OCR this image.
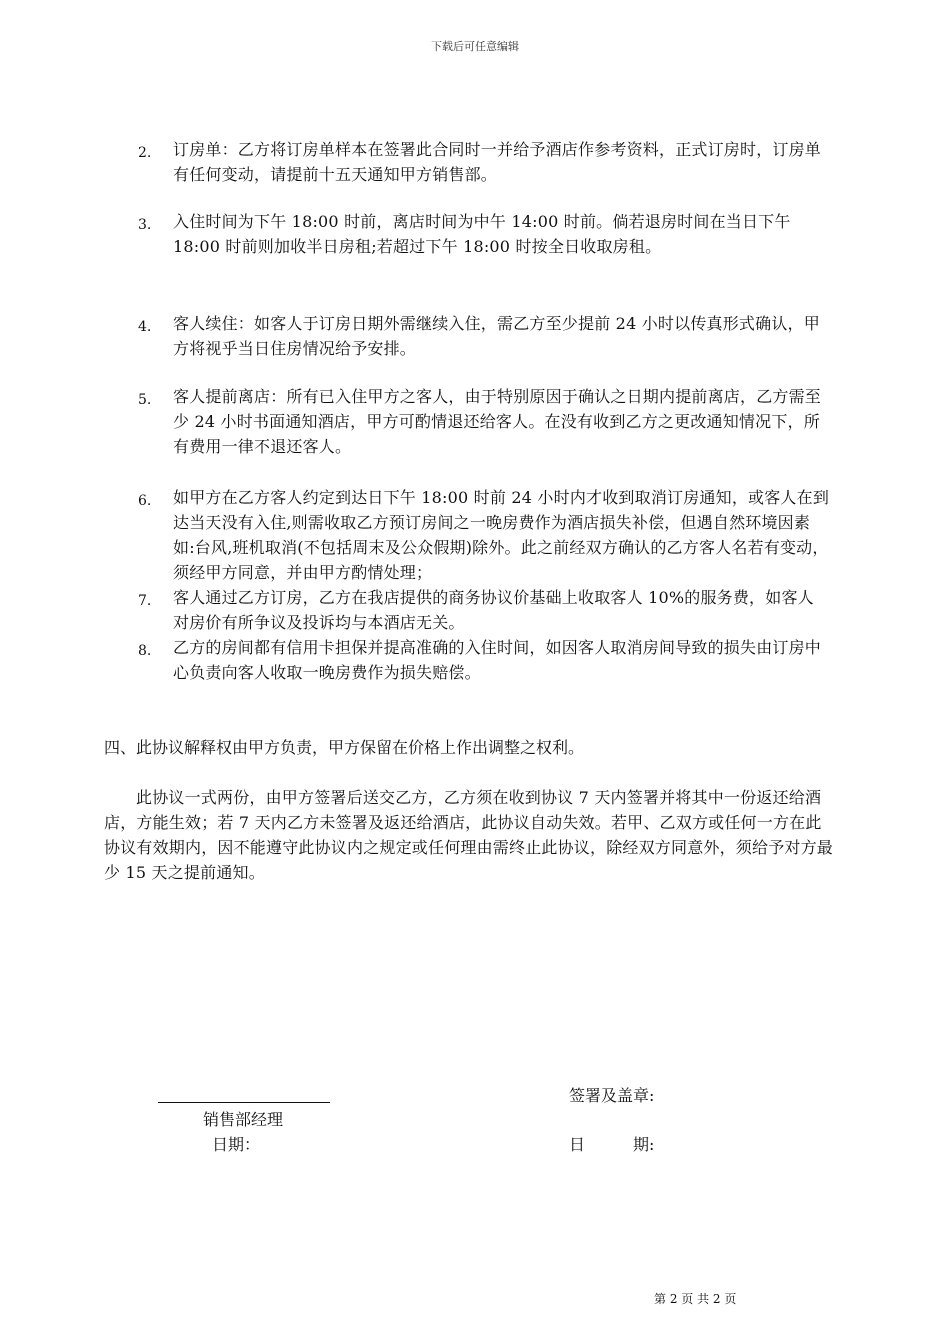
下载后可任意编辑
2. 订房单：乙方将订房单样本在签署此合同时一并给予酒店作参考资料，正式订房时，订房单有任何变动，请提前十五天通知甲方销售部。
3. 入住时间为下午 18:00 时前，离店时间为中午 14:00 时前。倘若退房时间在当日下午 18:00 时前则加收半日房租;若超过下午 18:00 时按全日收取房租。
4. 客人续住：如客人于订房日期外需继续入住，需乙方至少提前 24 小时以传真形式确认，甲方将视乎当日住房情况给予安排。
5. 客人提前离店：所有已入住甲方之客人，由于特别原因于确认之日期内提前离店，乙方需至少 24 小时书面通知酒店，甲方可酌情退还给客人。在没有收到乙方之更改通知情况下，所有费用一律不退还客人。
6. 如甲方在乙方客人约定到达日下午 18:00 时前 24 小时内才收到取消订房通知，或客人在到达当天没有入住,则需收取乙方预订房间之一晚房费作为酒店损失补偿，但遇自然环境因素如:台风,班机取消(不包括周末及公众假期)除外。此之前经双方确认的乙方客人名若有变动，须经甲方同意，并由甲方酌情处理；
7. 客人通过乙方订房，乙方在我店提供的商务协议价基础上收取客人 10%的服务费，如客人对房价有所争议及投诉均与本酒店无关。
8. 乙方的房间都有信用卡担保并提高准确的入住时间，如因客人取消房间导致的损失由订房中心负责向客人收取一晚房费作为损失赔偿。
四、此协议解释权由甲方负责，甲方保留在价格上作出调整之权利。
此协议一式两份，由甲方签署后送交乙方，乙方须在收到协议 7 天内签署并将其中一份返还给酒店，方能生效；若 7 天内乙方未签署及返还给酒店，此协议自动失效。若甲、乙双方或任何一方在此协议有效期内，因不能遵守此协议内之规定或任何理由需终止此协议，除经双方同意外，须给予对方最少 15 天之提前通知。
销售部经理
日期：
签署及盖章:
日　　　期:
第 2 页 共 2 页
